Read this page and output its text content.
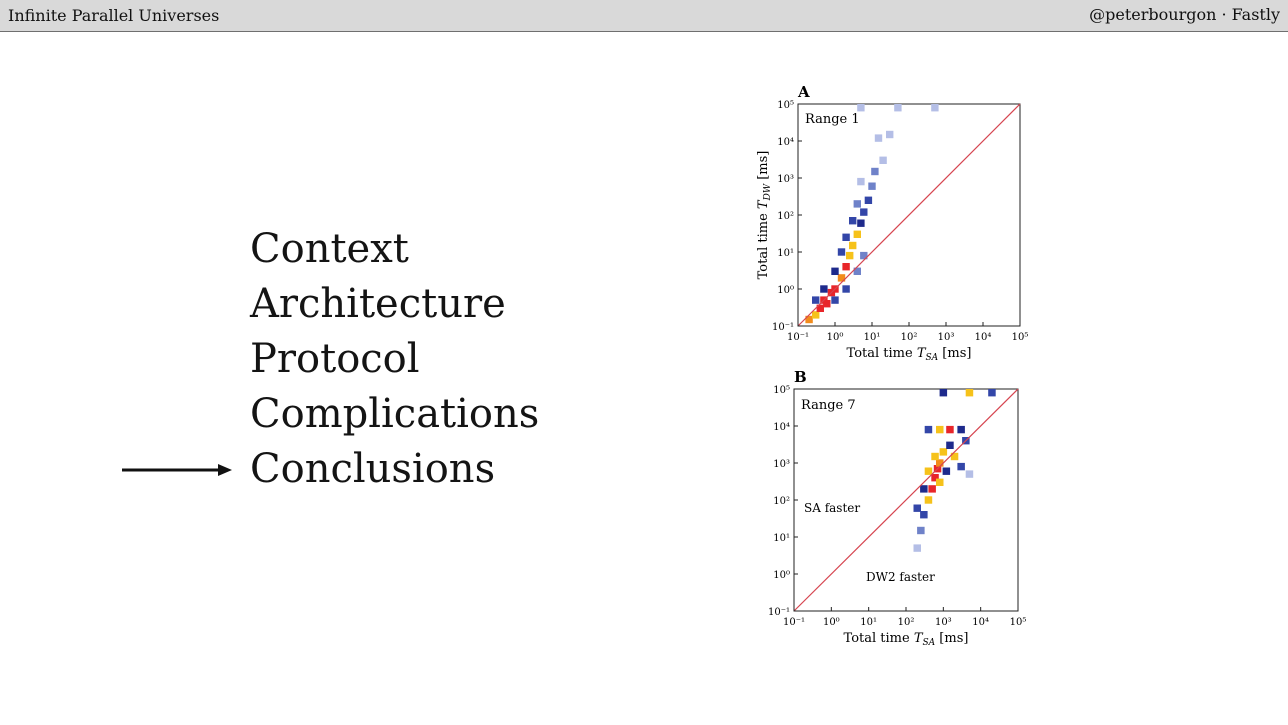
Infinite Parallel Universes	@peterbourgon · Fastly
Context
Architecture
Protocol
Complications
Conclusions
A
Range 1
10⁻¹
10⁻¹
10⁰
10⁰
10¹
10¹
10²
10²
10³
10³
10⁴
10⁴
10⁵
10⁵
Total time $T_{SA}$ [ms]
Total time $T_{DW}$ [ms]
B
Range 7
SA faster
DW2 faster
10⁻¹
10⁻¹
10⁰
10⁰
10¹
10¹
10²
10²
10³
10³
10⁴
10⁴
10⁵
10⁵
Total time $T_{SA}$ [ms]
